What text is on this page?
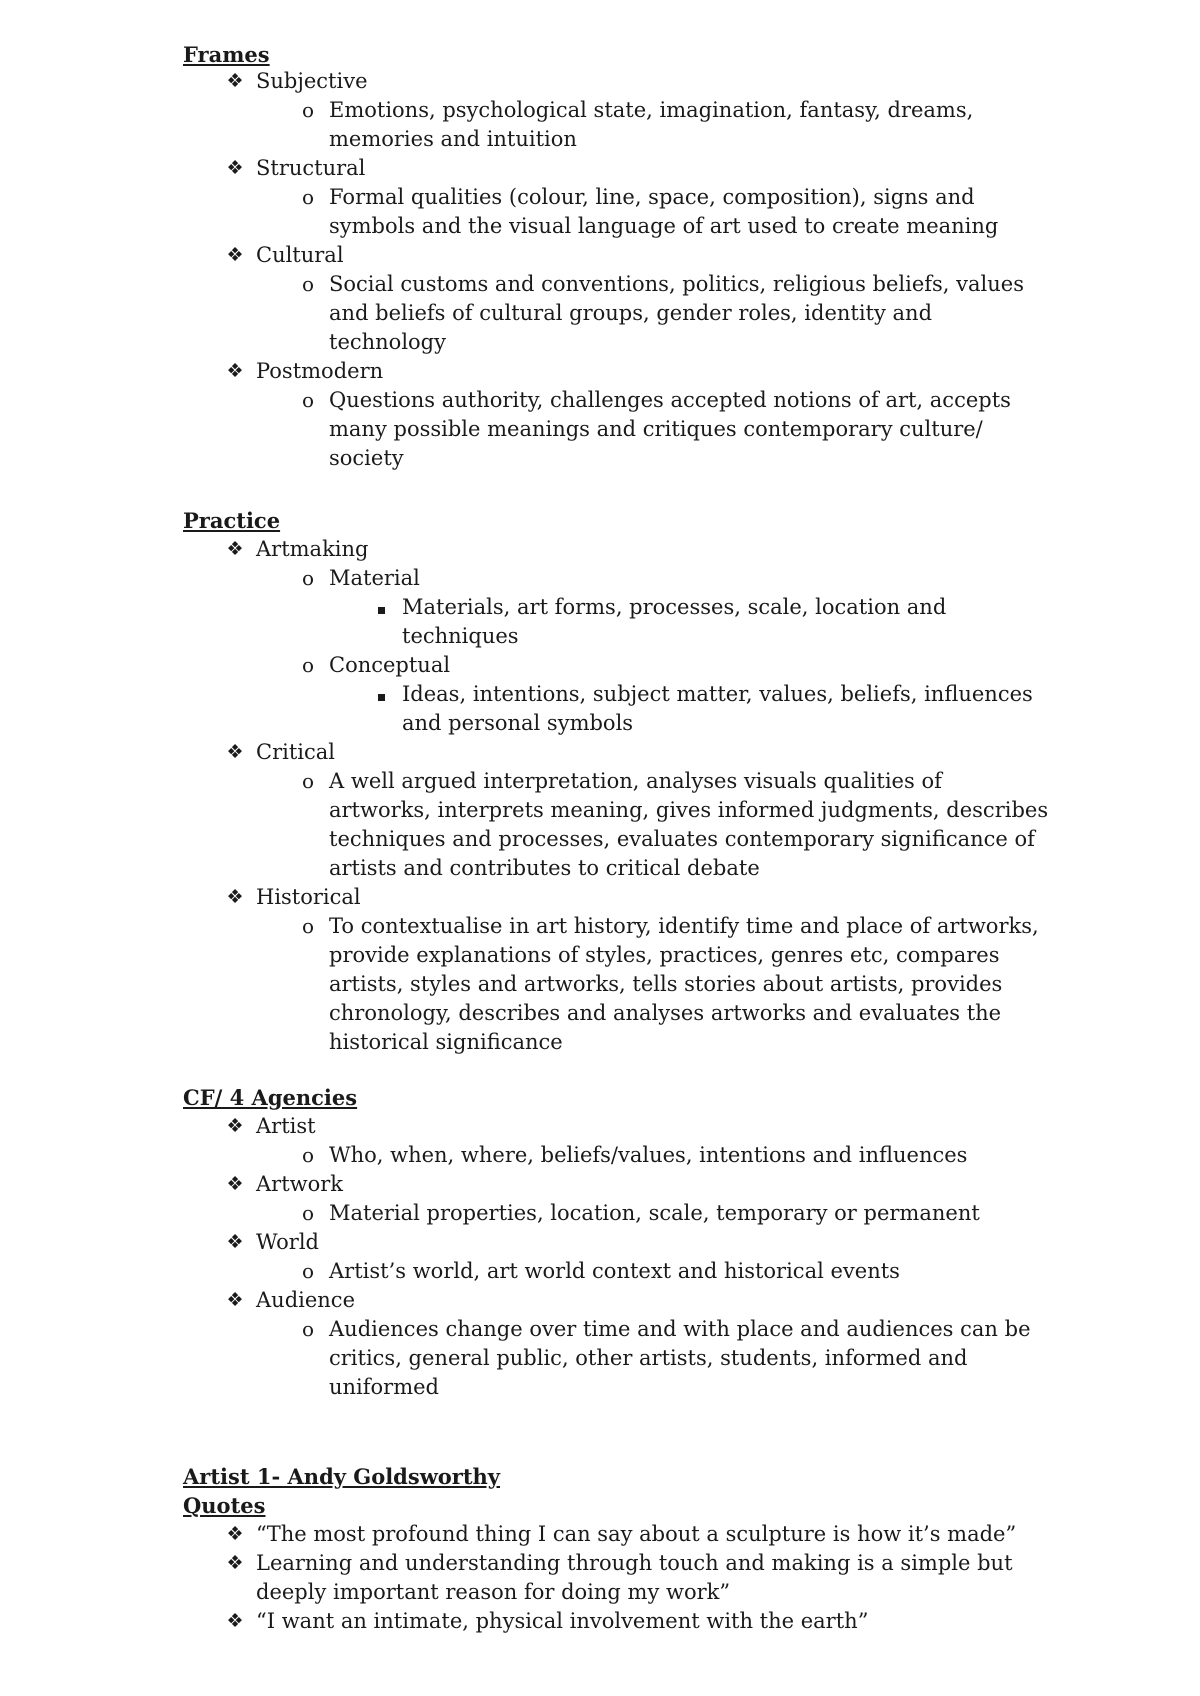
Frames
❖ Subjective
o Emotions, psychological state, imagination, fantasy, dreams, memories and intuition
❖ Structural
o Formal qualities (colour, line, space, composition), signs and symbols and the visual language of art used to create meaning
❖ Cultural
o Social customs and conventions, politics, religious beliefs, values and beliefs of cultural groups, gender roles, identity and technology
❖ Postmodern
o Questions authority, challenges accepted notions of art, accepts many possible meanings and critiques contemporary culture/ society
Practice
❖ Artmaking
o Material
Materials, art forms, processes, scale, location and techniques
o Conceptual
Ideas, intentions, subject matter, values, beliefs, influences and personal symbols
❖ Critical
o A well argued interpretation, analyses visuals qualities of artworks, interprets meaning, gives informed judgments, describes techniques and processes, evaluates contemporary significance of artists and contributes to critical debate
❖ Historical
o To contextualise in art history, identify time and place of artworks, provide explanations of styles, practices, genres etc, compares artists, styles and artworks, tells stories about artists, provides chronology, describes and analyses artworks and evaluates the historical significance
CF/ 4 Agencies
❖ Artist
o Who, when, where, beliefs/values, intentions and influences
❖ Artwork
o Material properties, location, scale, temporary or permanent
❖ World
o Artist’s world, art world context and historical events
❖ Audience
o Audiences change over time and with place and audiences can be critics, general public, other artists, students, informed and uniformed
Artist 1- Andy Goldsworthy
Quotes
❖ “The most profound thing I can say about a sculpture is how it’s made”
❖ Learning and understanding through touch and making is a simple but deeply important reason for doing my work”
❖ “I want an intimate, physical involvement with the earth”
